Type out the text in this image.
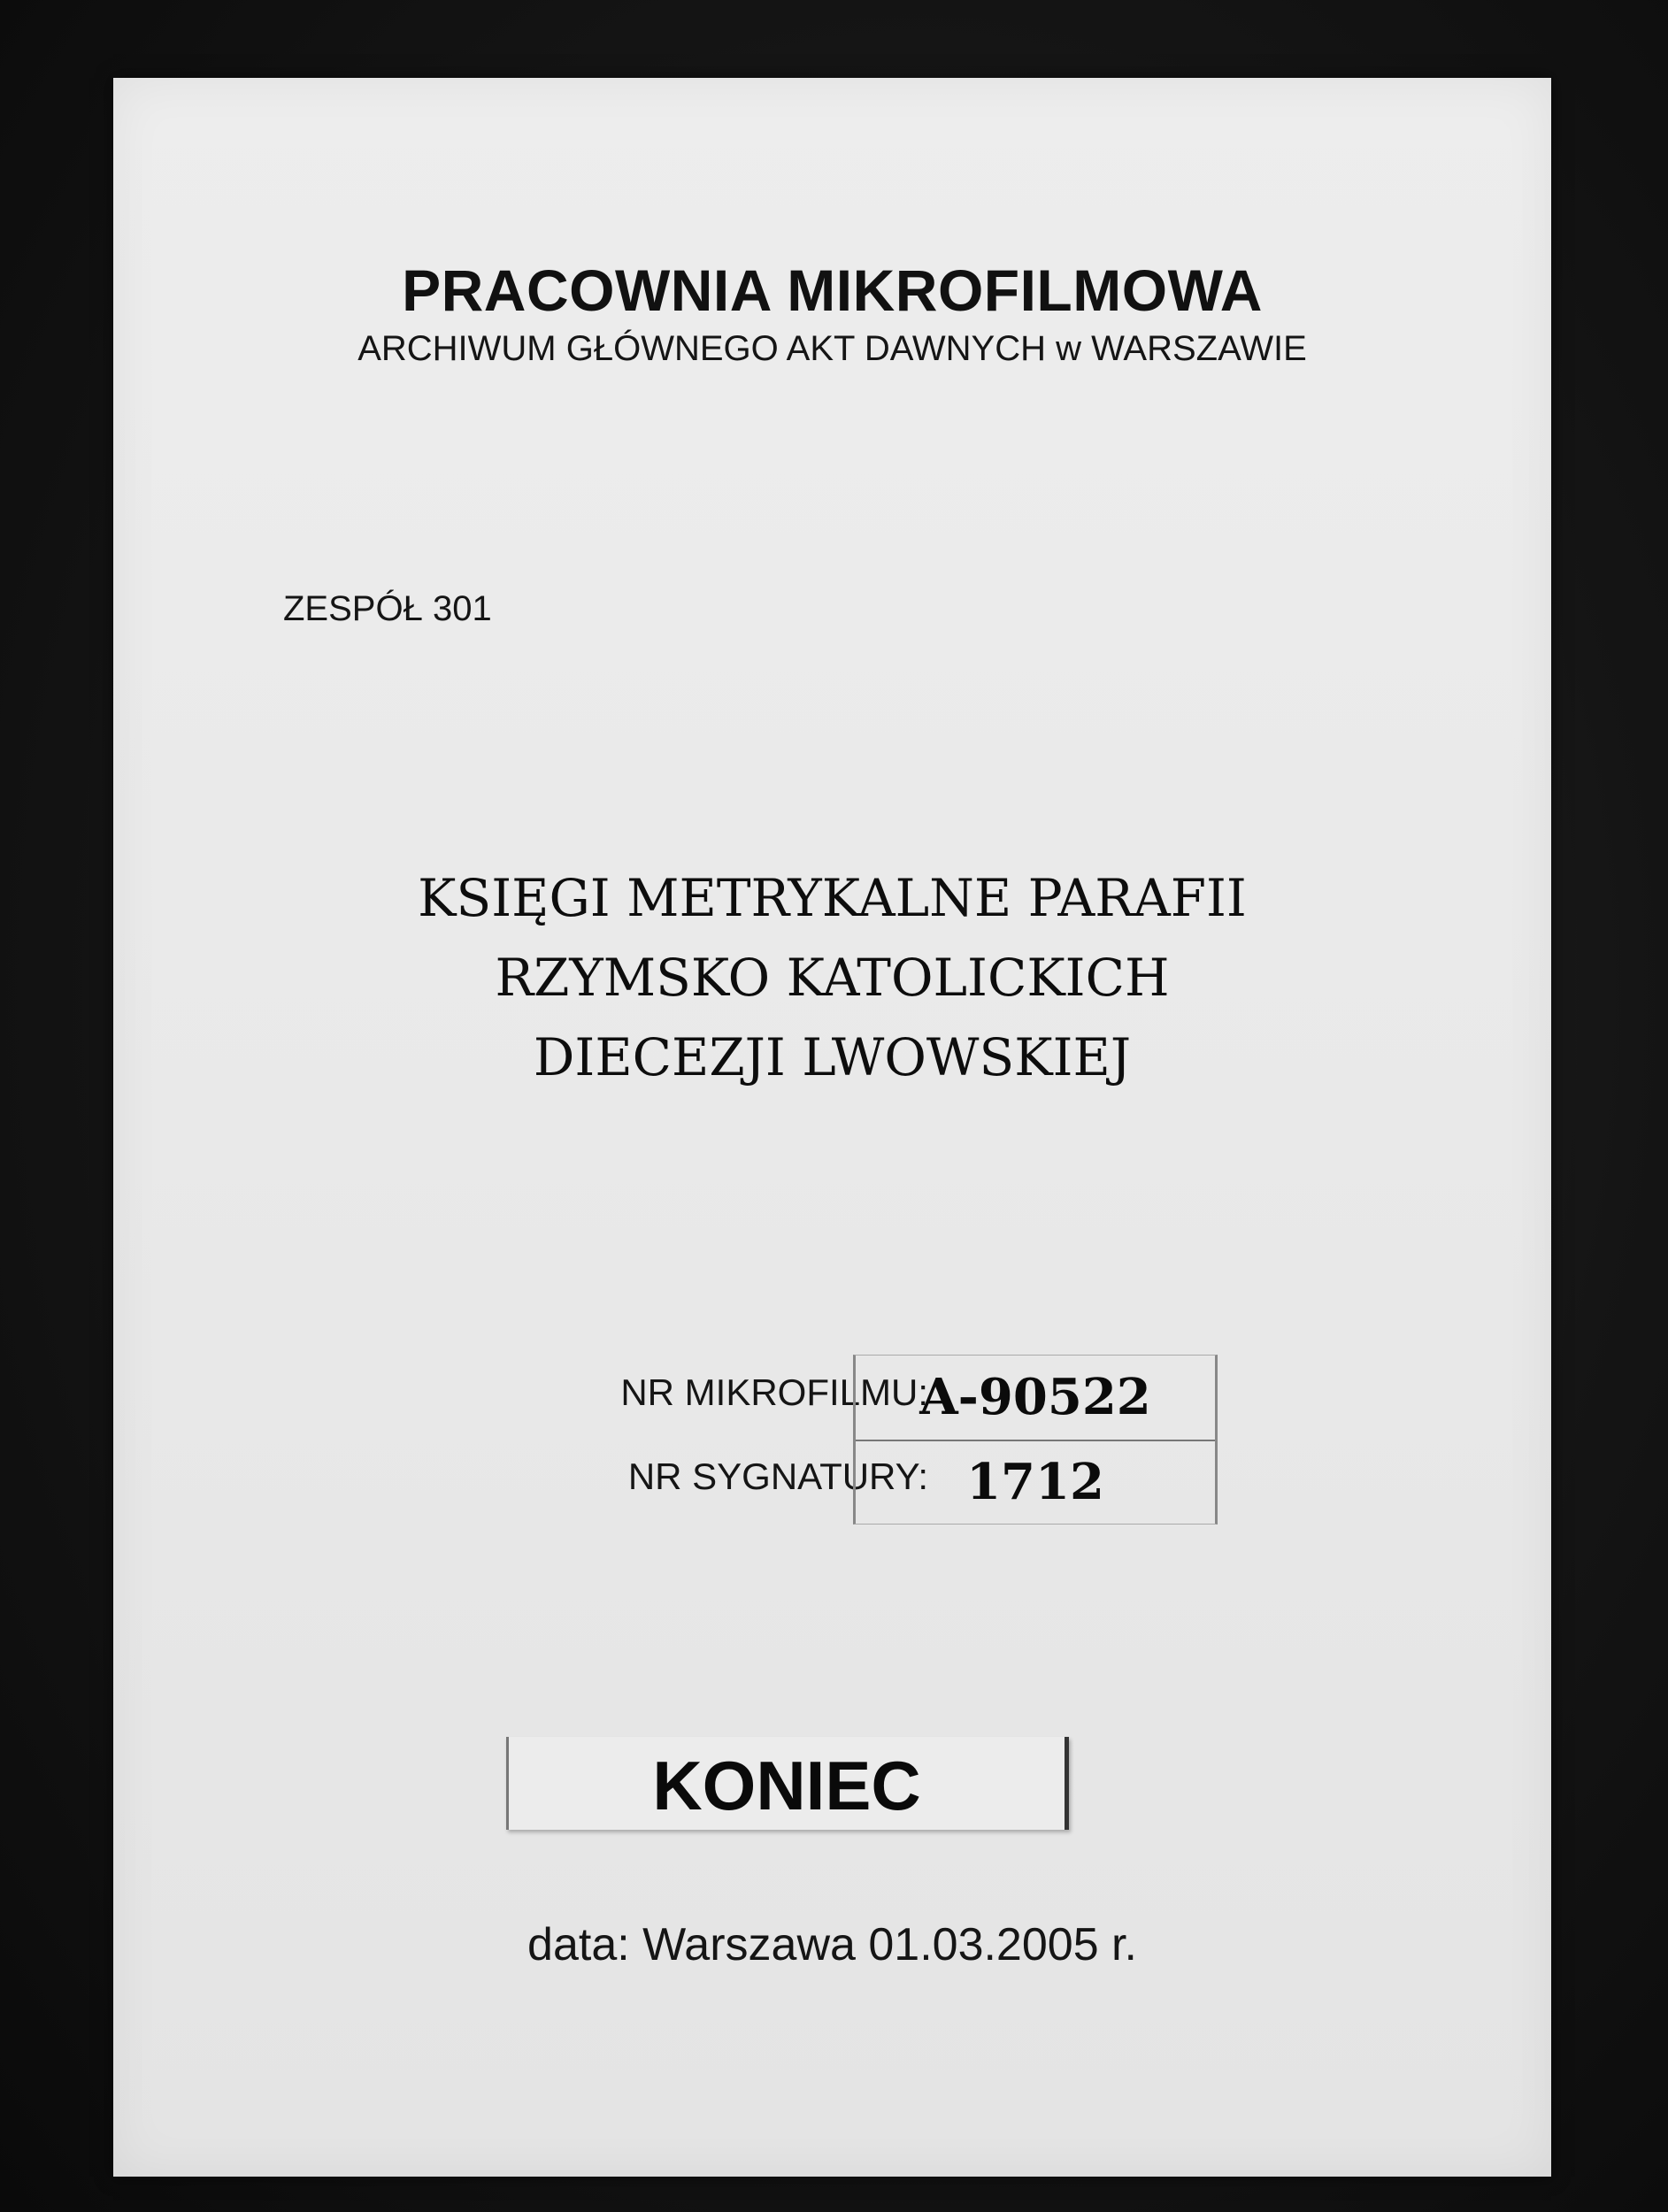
PRACOWNIA MIKROFILMOWA

ARCHIWUM GŁÓWNEGO AKT DAWNYCH w WARSZAWIE

ZESPÓŁ 301

KSIĘGI METRYKALNE PARAFII
RZYMSKO KATOLICKICH
DIECEZJI LWOWSKIEJ

NR MIKROFILMU:

NR SYGNATURY:

A-90522
1712
KONIEC

data: Warszawa 01.03.2005 r.
